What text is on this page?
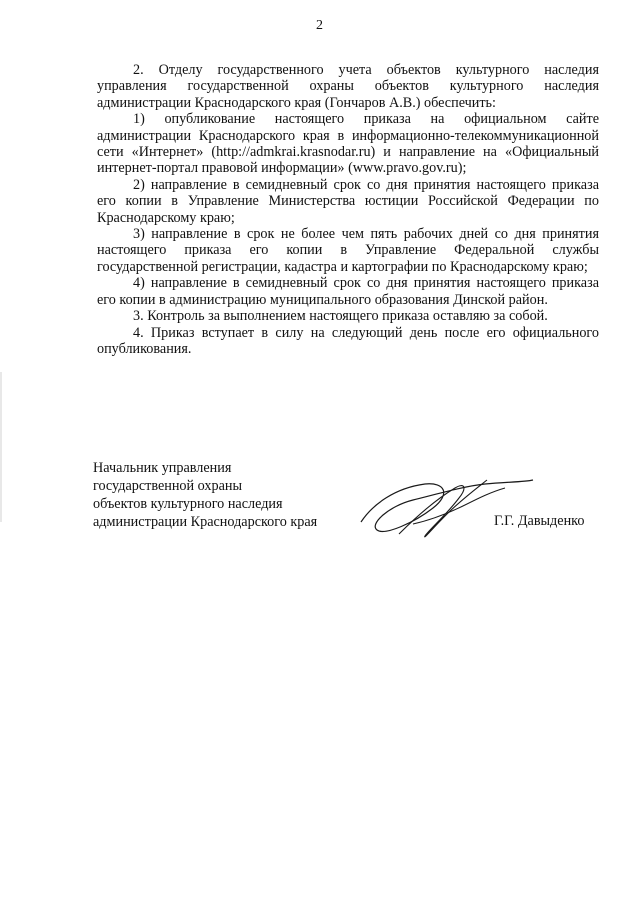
2

2. Отделу государственного учета объектов культурного наследия управления государственной охраны объектов культурного наследия администрации Краснодарского края (Гончаров А.В.) обеспечить:

1) опубликование настоящего приказа на официальном сайте администрации Краснодарского края в информационно-телекоммуникационной сети «Интернет» (http://admkrai.krasnodar.ru) и направление на «Официальный интернет-портал правовой информации» (www.pravo.gov.ru);

2) направление в семидневный срок со дня принятия настоящего приказа его копии в Управление Министерства юстиции Российской Федерации по Краснодарскому краю;

3) направление в срок не более чем пять рабочих дней со дня принятия настоящего приказа его копии в Управление Федеральной службы государственной регистрации, кадастра и картографии по Краснодарскому краю;

4) направление в семидневный срок со дня принятия настоящего приказа его копии в администрацию муниципального образования Динской район.

3. Контроль за выполнением настоящего приказа оставляю за собой.

4. Приказ вступает в силу на следующий день после его официального опубликования.

Начальник управления
государственной охраны
объектов культурного наследия
администрации Краснодарского края	Г.Г. Давыденко
